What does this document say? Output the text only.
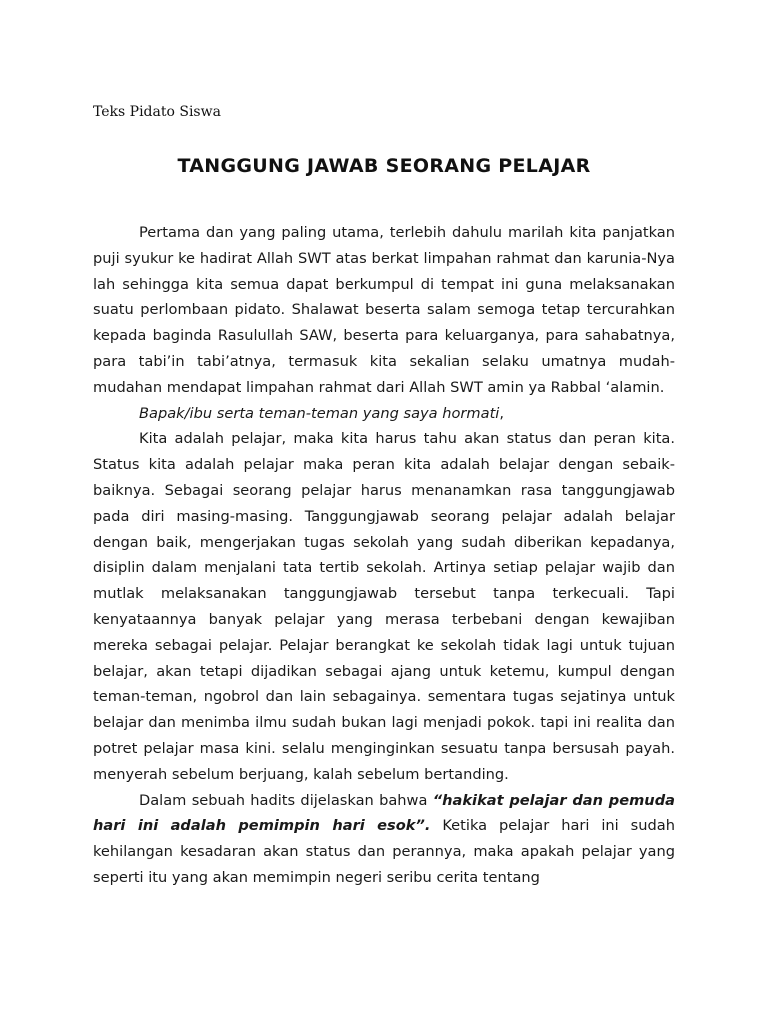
Teks Pidato Siswa
TANGGUNG JAWAB SEORANG PELAJAR

Pertama dan yang paling utama, terlebih dahulu marilah kita panjatkan puji syukur ke hadirat Allah SWT atas berkat limpahan rahmat dan karunia-Nya lah sehingga kita semua dapat berkumpul di tempat ini guna melaksanakan suatu perlombaan pidato. Shalawat beserta salam semoga tetap tercurahkan kepada baginda Rasulullah SAW, beserta para keluarganya, para sahabatnya, para tabi’in tabi’atnya, termasuk kita sekalian selaku umatnya mudah-mudahan mendapat limpahan rahmat dari Allah SWT amin ya Rabbal ‘alamin.

Bapak/ibu serta teman-teman yang saya hormati,

Kita adalah pelajar, maka kita harus tahu akan status dan peran kita. Status kita adalah pelajar maka peran kita adalah belajar dengan sebaik-baiknya. Sebagai seorang pelajar harus menanamkan rasa tanggungjawab pada diri masing-masing. Tanggungjawab seorang pelajar adalah belajar dengan baik, mengerjakan tugas sekolah yang sudah diberikan kepadanya, disiplin dalam menjalani tata tertib sekolah. Artinya setiap pelajar wajib dan mutlak melaksanakan tanggungjawab tersebut tanpa terkecuali. Tapi kenyataannya banyak pelajar yang merasa terbebani dengan kewajiban mereka sebagai pelajar. Pelajar berangkat ke sekolah tidak lagi untuk tujuan belajar, akan tetapi dijadikan sebagai ajang untuk ketemu, kumpul dengan teman-teman, ngobrol dan lain sebagainya. sementara tugas sejatinya untuk belajar dan menimba ilmu sudah bukan lagi menjadi pokok. tapi ini realita dan potret pelajar masa kini. selalu menginginkan sesuatu tanpa bersusah payah. menyerah sebelum berjuang, kalah sebelum bertanding.

Dalam sebuah hadits dijelaskan bahwa “hakikat pelajar dan pemuda hari ini adalah pemimpin hari esok”. Ketika pelajar hari ini sudah kehilangan kesadaran akan status dan perannya, maka apakah pelajar yang seperti itu yang akan memimpin negeri seribu cerita tentang
